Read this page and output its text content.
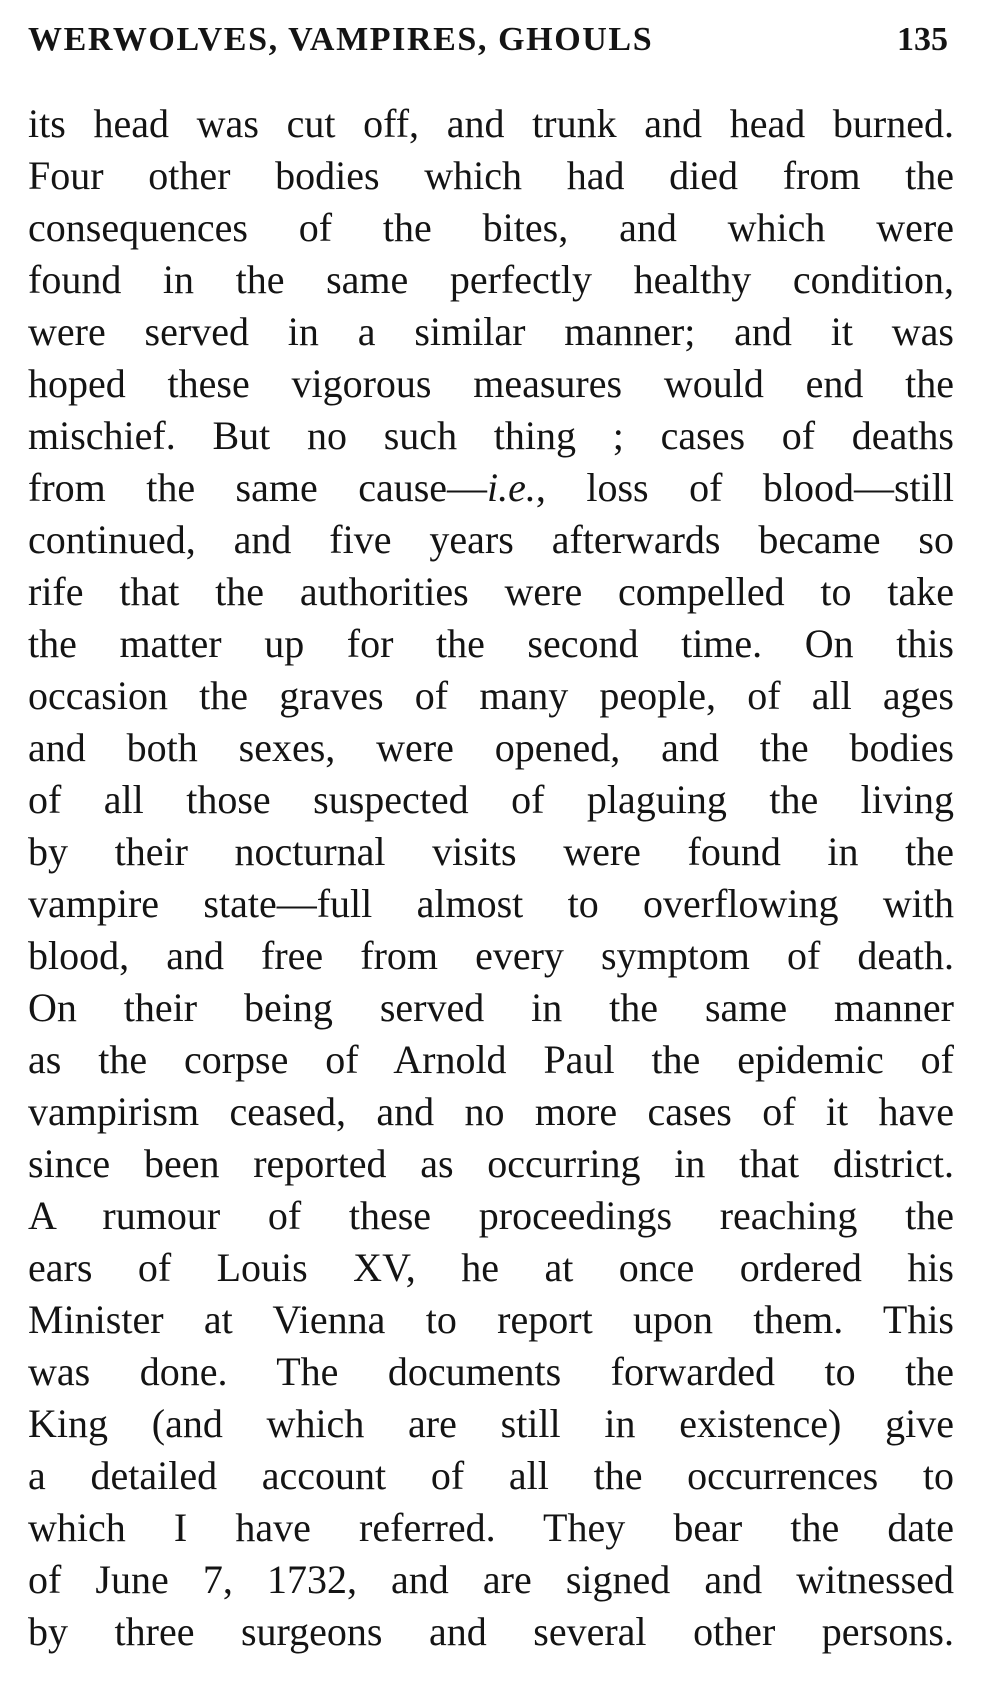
WERWOLVES, VAMPIRES, GHOULS	135
its head was cut off, and trunk and head burned.
Four other bodies which had died from the
consequences of the bites, and which were
found in the same perfectly healthy condition,
were served in a similar manner; and it was
hoped these vigorous measures would end the
mischief. But no such thing ; cases of deaths
from the same cause—i.e., loss of blood—still
continued, and five years afterwards became so
rife that the authorities were compelled to take
the matter up for the second time. On this
occasion the graves of many people, of all ages
and both sexes, were opened, and the bodies
of all those suspected of plaguing the living
by their nocturnal visits were found in the
vampire state—full almost to overflowing with
blood, and free from every symptom of death.
On their being served in the same manner
as the corpse of Arnold Paul the epidemic of
vampirism ceased, and no more cases of it have
since been reported as occurring in that district.
A rumour of these proceedings reaching the
ears of Louis XV, he at once ordered his
Minister at Vienna to report upon them. This
was done. The documents forwarded to the
King (and which are still in existence) give
a detailed account of all the occurrences to
which I have referred. They bear the date
of June 7, 1732, and are signed and witnessed
by three surgeons and several other persons.
